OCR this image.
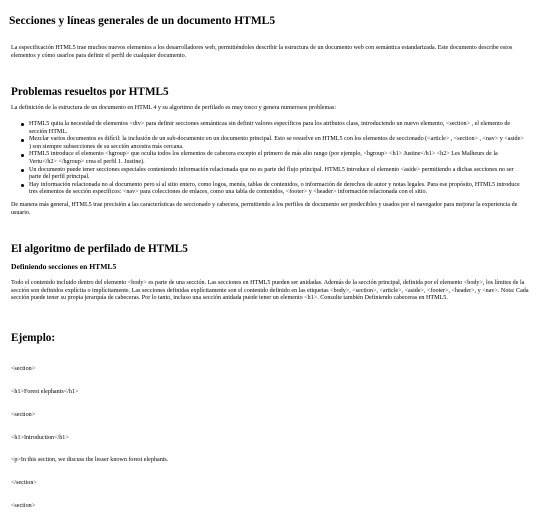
Secciones y líneas generales de un documento HTML5

La especificación HTML5 trae muchos nuevos elementos a los desarrolladores web, permitiéndoles describir la estructura de un documento web con semántica estandarizada. Este documento describe estos elementos y cómo usarlos para definir el perfil de cualquier documento.

Problemas resueltos por HTML5

La definición de la estructura de un documento en HTML 4 y su algoritmo de perfilado es muy tosco y genera numerosos problemas:

HTML5 quita la necesidad de elementos <div> para definir secciones semánticas sin definir valores específicos para los atributos class, introduciendo un nuevo elemento, <section> , el elemento de sección HTML.
Mezclar varios documentos es difícil: la inclusión de un sub-documento en un documento principal. Esto se resuelve en HTML5 con los elementos de seccionado (<article> , <section> , <nav> y <aside> ) son siempre subsecciones de su sección ancestra más cercana.
HTML5 introduce el elemento <hgroup> que oculta todos los elementos de cabecera excepto el primero de más alto rango (por ejemplo, <hgroup> <h1> Justine</h1> <h2> Les Malheurs de la Vertu</h2> </hgroup> crea el perfil 1. Justine).
Un documento puede tener secciones especiales conteniendo información relacionada que no es parte del flujo principal. HTML5 introduce el elemento <aside> permitiendo a dichas secciones no ser parte del perfil principal.
Hay información relacionada no al documento pero sí al sitio entero, como logos, menús, tablas de contenidos, o información de derechos de autor y notas legales. Para ese propósito, HTML5 introduce tres elementos de sección específicos: <nav> para colecciones de enlaces, como una tabla de contenidos, <footer> y <header> información relacionada con el sitio.

De manera más general, HTML5 trae precisión a las características de seccionado y cabecera, permitiendo a los perfiles de documento ser predecibles y usados por el navegador para mejorar la experiencia de usuario.

El algoritmo de perfilado de HTML5
Definiendo secciones en HTML5

Todo el contenido incluido dentro del elemento <body> es parte de una sección. Las secciones en HTML5 pueden ser anidadas. Además de la sección principal, definida por el elemento <body>, los límites de la sección son definidos explícita o implícitamente. Las secciones definidas explícitamente son el contenido definido en las etiquetas <body>, <section>, <article>, <aside>, <footer>, <header>, y <nav>. Nota: Cada sección puede tener su propia jerarquía de cabeceras. Por lo tanto, incluso una sección anidada puede tener un elemento <h1>. Consulte también Definiendo cabeceras en HTML5.

Ejemplo:

<section>

<h1>Forest elephants</h1>

<section>

<h1>Introduction</h1>

<p>In this section, we discuss the lesser known forest elephants.

</section>

<section>
